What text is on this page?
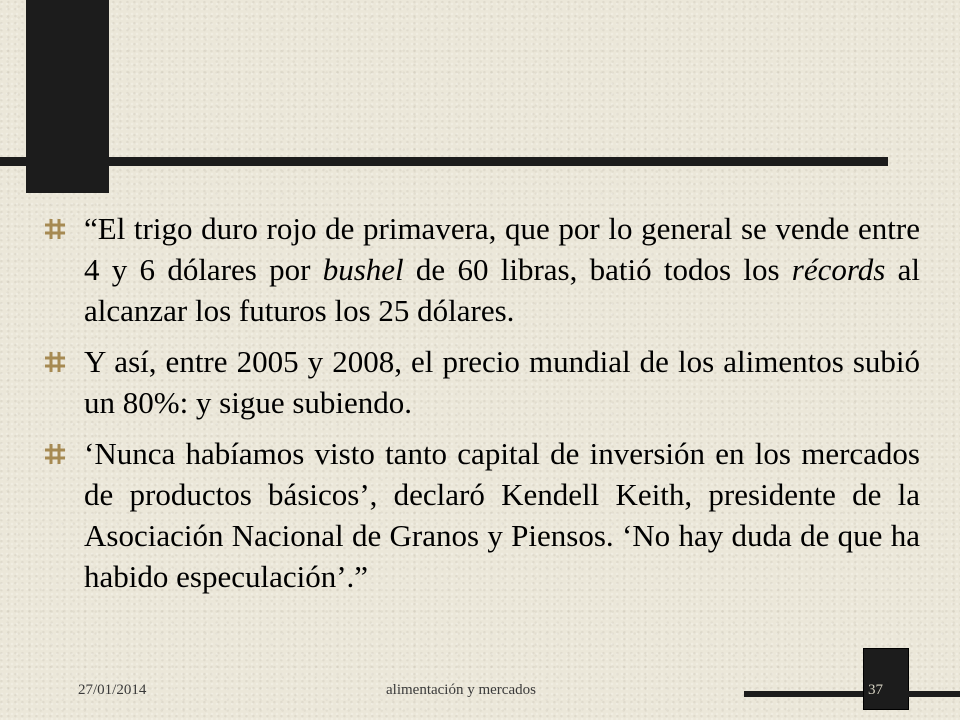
“El trigo duro rojo de primavera, que por lo general se vende entre 4 y 6 dólares por bushel de 60 libras, batió todos los récords al alcanzar los futuros los 25 dólares.
Y así, entre 2005 y 2008, el precio mundial de los alimentos subió un 80%: y sigue subiendo.
‘Nunca habíamos visto tanto capital de inversión en los mercados de productos básicos’, declaró Kendell Keith, presidente de la Asociación Nacional de Granos y Piensos. ‘No hay duda de que ha habido especulación’.”
27/01/2014	alimentación y mercados	37
